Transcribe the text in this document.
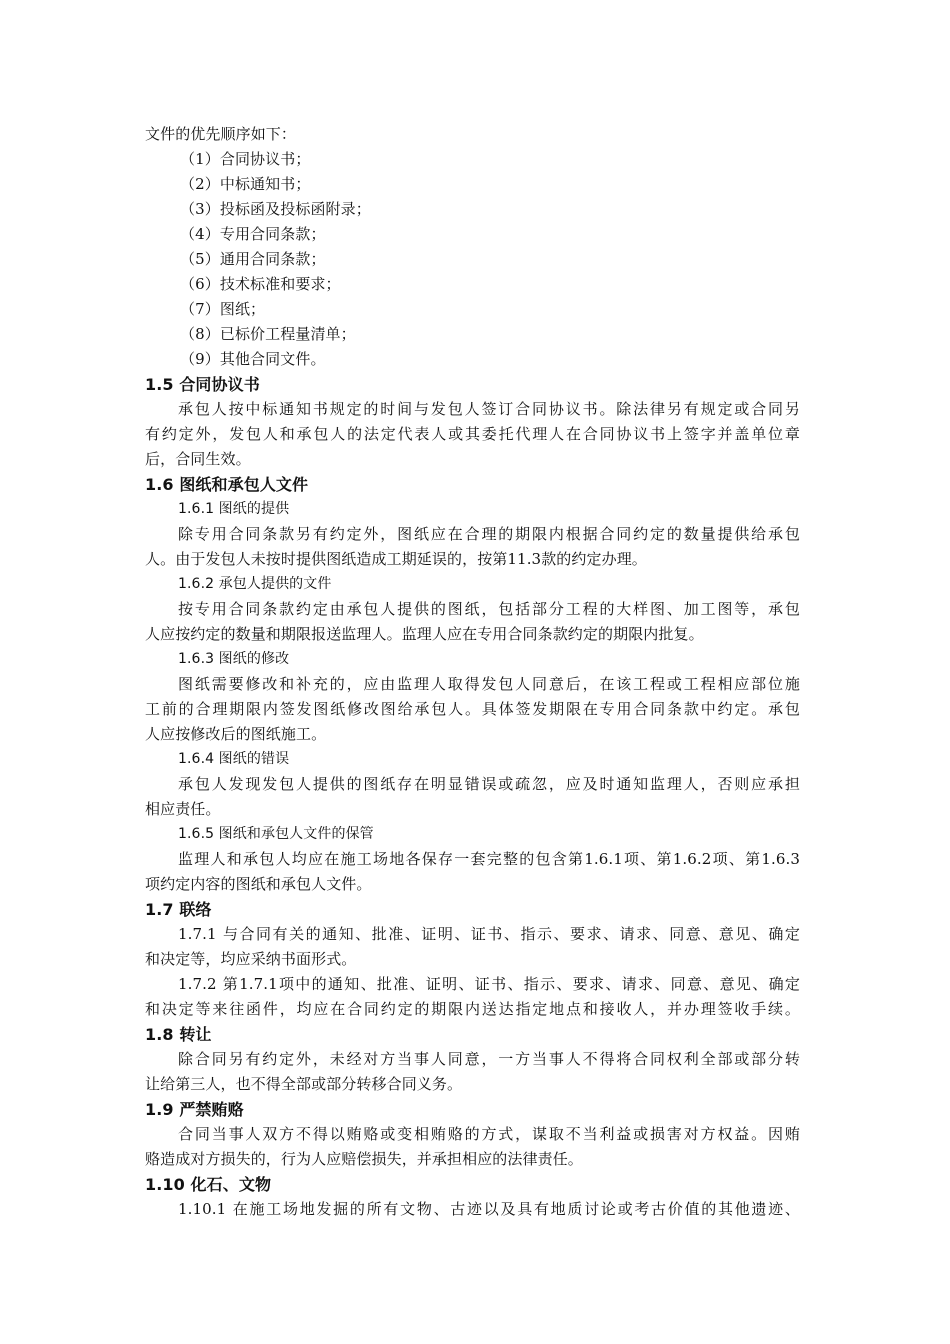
文件的优先顺序如下：
（1）合同协议书；
（2）中标通知书；
（3）投标函及投标函附录；
（4）专用合同条款；
（5）通用合同条款；
（6）技术标准和要求；
（7）图纸；
（8）已标价工程量清单；
（9）其他合同文件。
1.5 合同协议书
承包人按中标通知书规定的时间与发包人签订合同协议书。除法律另有规定或合同另
有约定外，发包人和承包人的法定代表人或其委托代理人在合同协议书上签字并盖单位章
后，合同生效。
1.6 图纸和承包人文件
1.6.1 图纸的提供
除专用合同条款另有约定外，图纸应在合理的期限内根据合同约定的数量提供给承包
人。由于发包人未按时提供图纸造成工期延误的，按第11.3款的约定办理。
1.6.2 承包人提供的文件
按专用合同条款约定由承包人提供的图纸，包括部分工程的大样图、加工图等，承包
人应按约定的数量和期限报送监理人。监理人应在专用合同条款约定的期限内批复。
1.6.3 图纸的修改
图纸需要修改和补充的，应由监理人取得发包人同意后，在该工程或工程相应部位施
工前的合理期限内签发图纸修改图给承包人。具体签发期限在专用合同条款中约定。承包
人应按修改后的图纸施工。
1.6.4 图纸的错误
承包人发现发包人提供的图纸存在明显错误或疏忽，应及时通知监理人，否则应承担
相应责任。
1.6.5 图纸和承包人文件的保管
监理人和承包人均应在施工场地各保存一套完整的包含第1.6.1项、第1.6.2项、第1.6.3
项约定内容的图纸和承包人文件。
1.7 联络
1.7.1 与合同有关的通知、批准、证明、证书、指示、要求、请求、同意、意见、确定
和决定等，均应采纳书面形式。
1.7.2 第1.7.1项中的通知、批准、证明、证书、指示、要求、请求、同意、意见、确定
和决定等来往函件，均应在合同约定的期限内送达指定地点和接收人，并办理签收手续。
1.8 转让
除合同另有约定外，未经对方当事人同意，一方当事人不得将合同权利全部或部分转
让给第三人，也不得全部或部分转移合同义务。
1.9 严禁贿赂
合同当事人双方不得以贿赂或变相贿赂的方式，谋取不当利益或损害对方权益。因贿
赂造成对方损失的，行为人应赔偿损失，并承担相应的法律责任。
1.10 化石、文物
1.10.1 在施工场地发掘的所有文物、古迹以及具有地质讨论或考古价值的其他遗迹、
